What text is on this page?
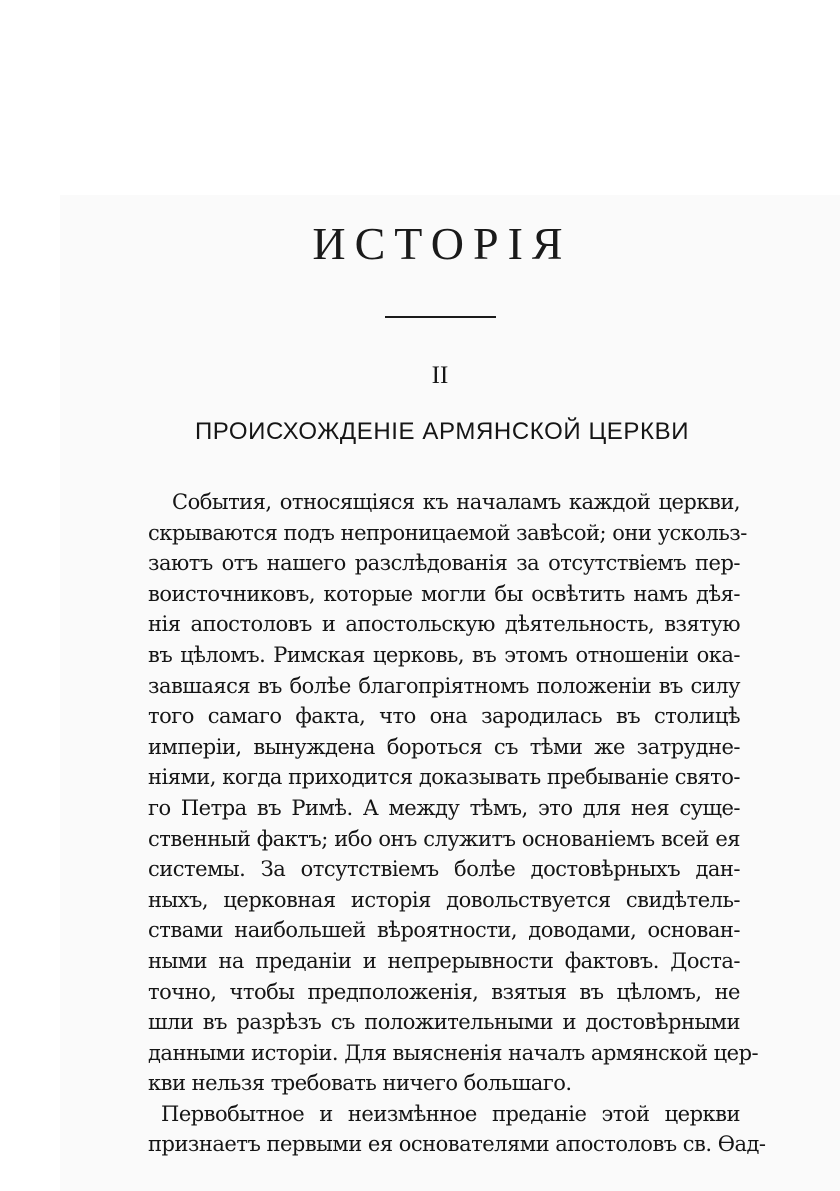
ИСТОРІЯ
II
ПРОИСХОЖДЕНІЕ АРМЯНСКОЙ ЦЕРКВИ
События, относящіяся къ началамъ каждой церкви,
скрываются подъ непроницаемой завѣсой; они ускольз-
заютъ отъ нашего разслѣдованія за отсутствіемъ пер-
воисточниковъ, которые могли бы освѣтить намъ дѣя-
нія апостоловъ и апостольскую дѣятельность, взятую
въ цѣломъ. Римская церковь, въ этомъ отношеніи ока-
завшаяся въ болѣе благопріятномъ положеніи въ силу
того самаго факта, что она зародилась въ столицѣ
имперіи, вынуждена бороться съ тѣми же затрудне-
ніями, когда приходится доказывать пребываніе свято-
го Петра въ Римѣ. А между тѣмъ, это для нея суще-
ственный фактъ; ибо онъ служитъ основаніемъ всей ея
системы. За отсутствіемъ болѣе достовѣрныхъ дан-
ныхъ, церковная исторія довольствуется свидѣтель-
ствами наибольшей вѣроятности, доводами, основан-
ными на преданіи и непрерывности фактовъ. Доста-
точно, чтобы предположенія, взятыя въ цѣломъ, не
шли въ разрѣзъ съ положительными и достовѣрными
данными исторіи. Для выясненія началъ армянской цер-
кви нельзя требовать ничего большаго.
Первобытное и неизмѣнное преданіе этой церкви
признаетъ первыми ея основателями апостоловъ св. Ѳад-
